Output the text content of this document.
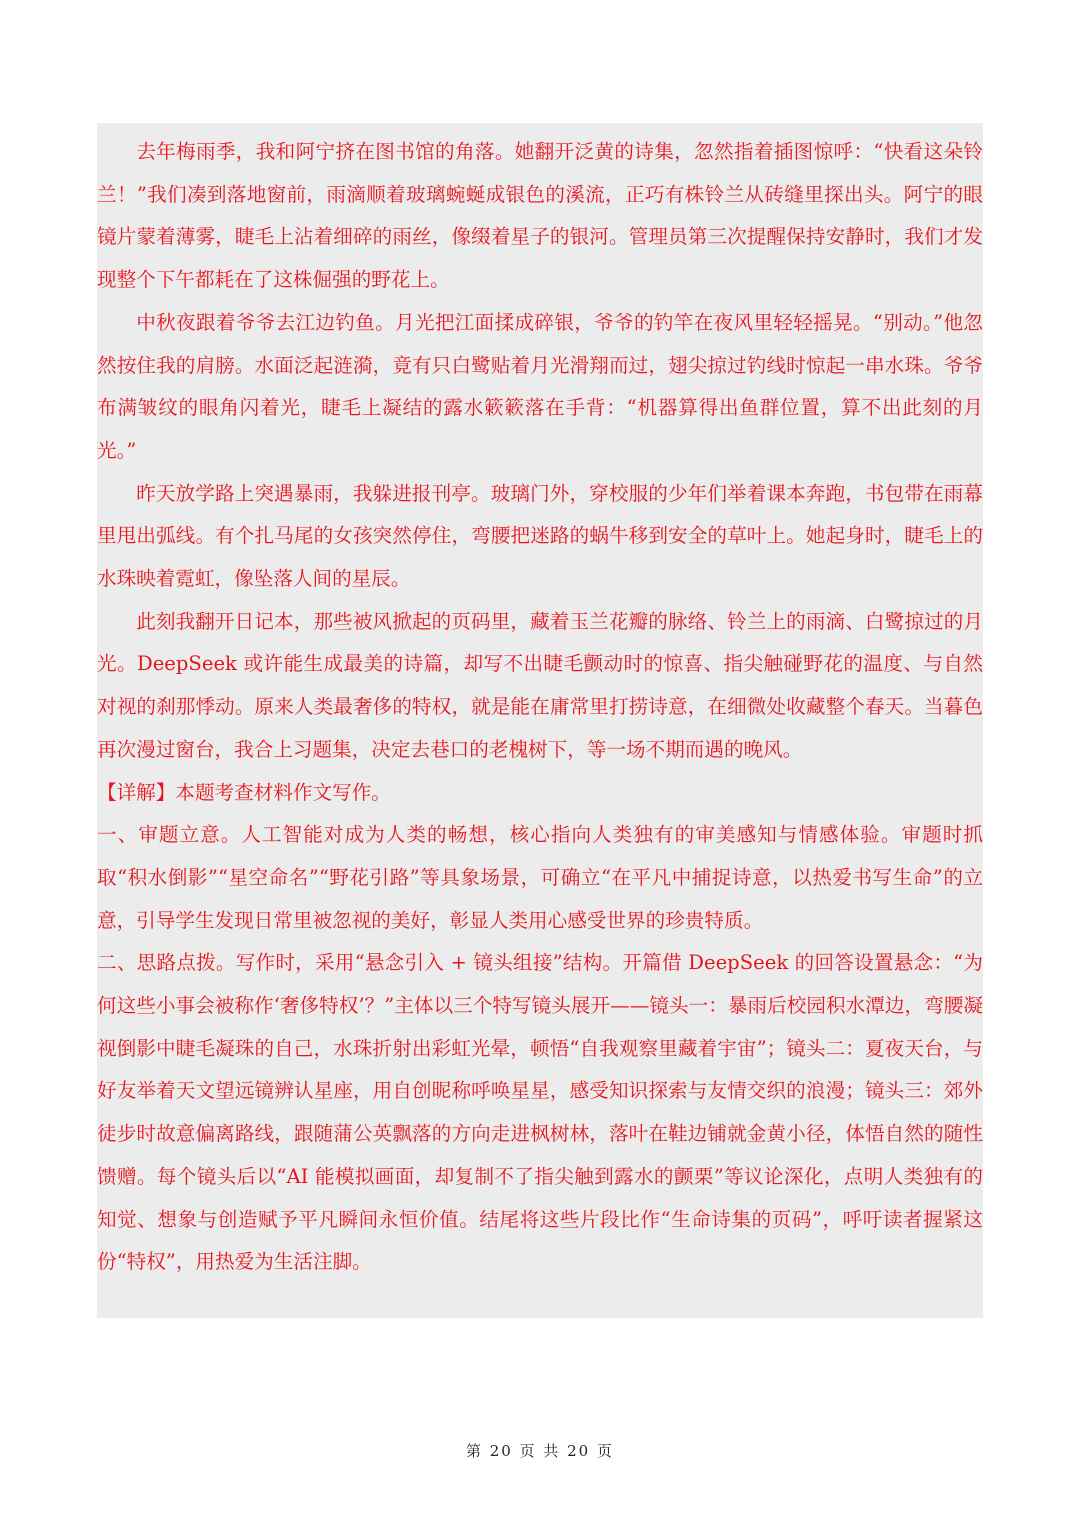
去年梅雨季，我和阿宁挤在图书馆的角落。她翻开泛黄的诗集，忽然指着插图惊呼：“快看这朵铃兰！”我们凑到落地窗前，雨滴顺着玻璃蜿蜒成银色的溪流，正巧有株铃兰从砖缝里探出头。阿宁的眼镜片蒙着薄雾，睫毛上沾着细碎的雨丝，像缀着星子的银河。管理员第三次提醒保持安静时，我们才发现整个下午都耗在了这株倔强的野花上。

中秋夜跟着爷爷去江边钓鱼。月光把江面揉成碎银，爷爷的钓竿在夜风里轻轻摇晃。“别动。”他忽然按住我的肩膀。水面泛起涟漪，竟有只白鹭贴着月光滑翔而过，翅尖掠过钓线时惊起一串水珠。爷爷布满皱纹的眼角闪着光，睫毛上凝结的露水簌簌落在手背：“机器算得出鱼群位置，算不出此刻的月光。”

昨天放学路上突遇暴雨，我躲进报刊亭。玻璃门外，穿校服的少年们举着课本奔跑，书包带在雨幕里甩出弧线。有个扎马尾的女孩突然停住，弯腰把迷路的蜗牛移到安全的草叶上。她起身时，睫毛上的水珠映着霓虹，像坠落人间的星辰。

此刻我翻开日记本，那些被风掀起的页码里，藏着玉兰花瓣的脉络、铃兰上的雨滴、白鹭掠过的月光。DeepSeek 或许能生成最美的诗篇，却写不出睫毛颤动时的惊喜、指尖触碰野花的温度、与自然对视的刹那悸动。原来人类最奢侈的特权，就是能在庸常里打捞诗意，在细微处收藏整个春天。当暮色再次漫过窗台，我合上习题集，决定去巷口的老槐树下，等一场不期而遇的晚风。

【详解】本题考查材料作文写作。

一、审题立意。人工智能对成为人类的畅想，核心指向人类独有的审美感知与情感体验。审题时抓取“积水倒影”“星空命名”“野花引路”等具象场景，可确立“在平凡中捕捉诗意，以热爱书写生命”的立意，引导学生发现日常里被忽视的美好，彰显人类用心感受世界的珍贵特质。

二、思路点拨。写作时，采用“悬念引入 + 镜头组接”结构。开篇借 DeepSeek 的回答设置悬念：“为何这些小事会被称作‘奢侈特权’？”主体以三个特写镜头展开——镜头一：暴雨后校园积水潭边，弯腰凝视倒影中睫毛凝珠的自己，水珠折射出彩虹光晕，顿悟“自我观察里藏着宇宙”；镜头二：夏夜天台，与好友举着天文望远镜辨认星座，用自创昵称呼唤星星，感受知识探索与友情交织的浪漫；镜头三：郊外徒步时故意偏离路线，跟随蒲公英飘落的方向走进枫树林，落叶在鞋边铺就金黄小径，体悟自然的随性馈赠。每个镜头后以“AI 能模拟画面，却复制不了指尖触到露水的颤栗”等议论深化，点明人类独有的知觉、想象与创造赋予平凡瞬间永恒价值。结尾将这些片段比作“生命诗集的页码”，呼吁读者握紧这份“特权”，用热爱为生活注脚。

第 20 页 共 20 页
